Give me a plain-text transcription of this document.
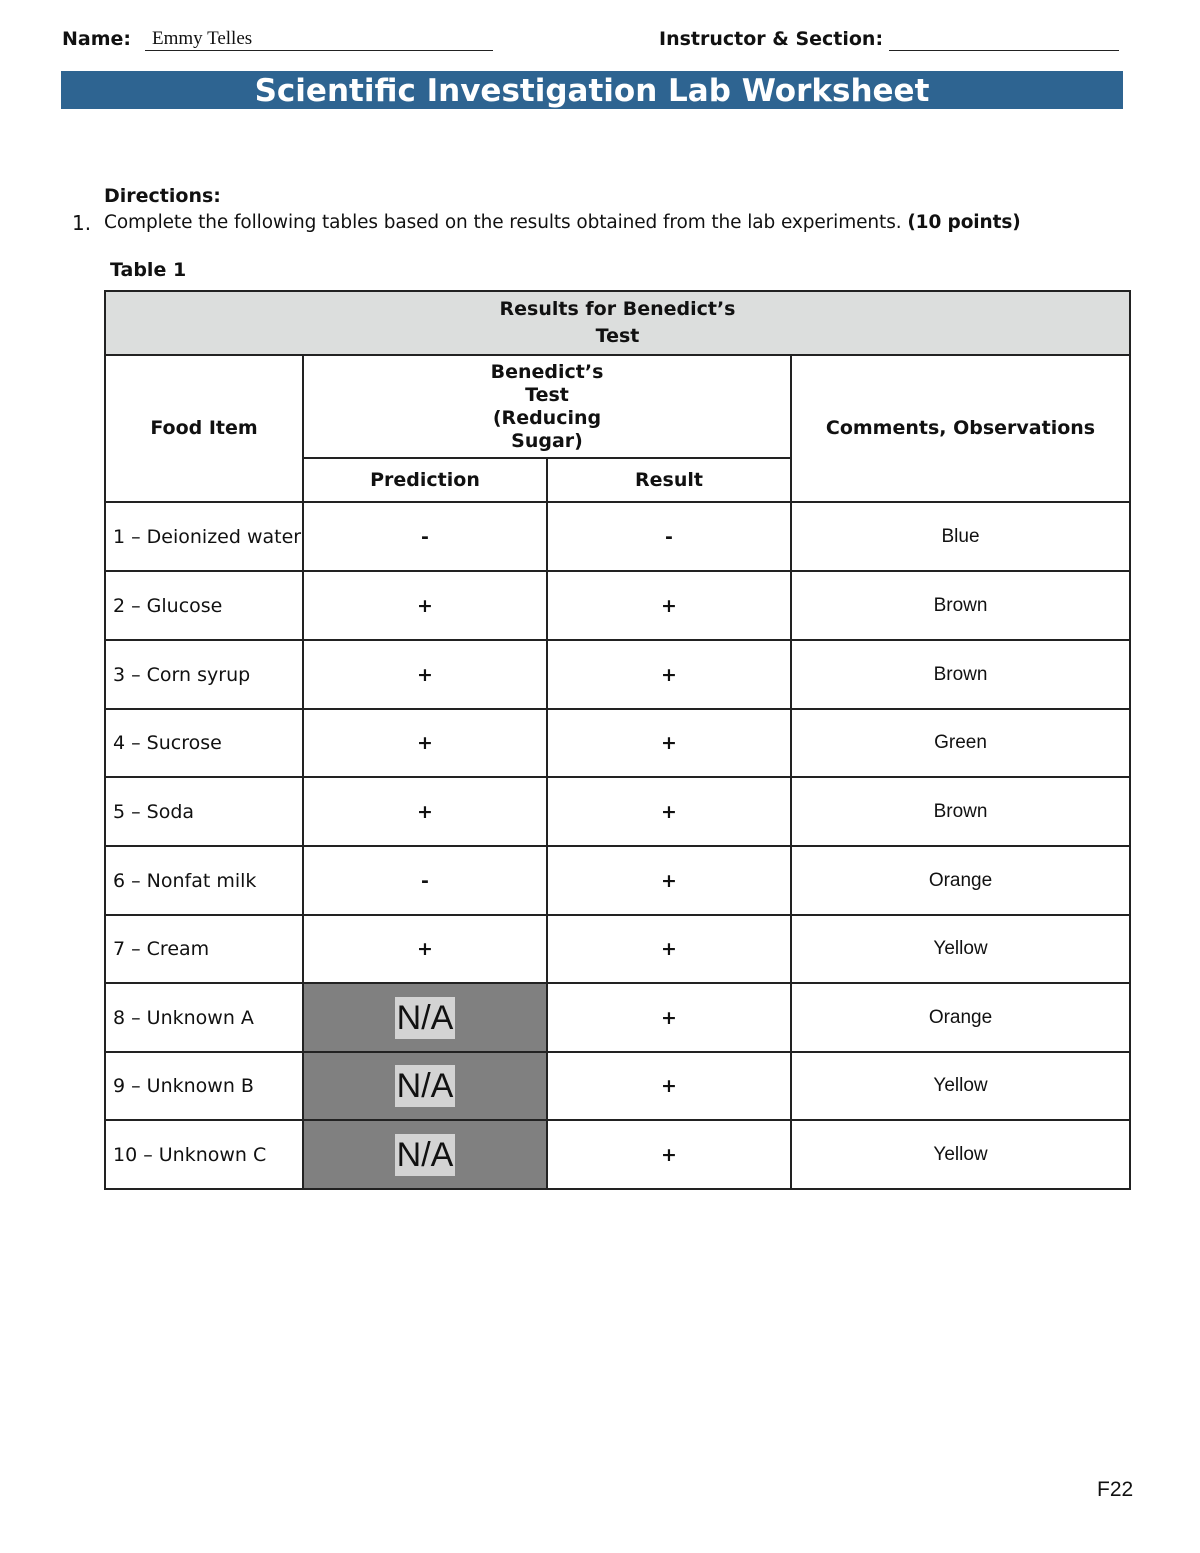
Name: Emmy Telles	Instructor & Section:
Scientific Investigation Lab Worksheet
Directions:
1. Complete the following tables based on the results obtained from the lab experiments. (10 points)
Table 1
Results for Benedict’s
Test			

Food Item	Benedict’s
Test
(Reducing
Sugar)		Comments, Observations
	Prediction	Result	
1 – Deionized water	-	-	Blue
2 – Glucose	+	+	Brown
3 – Corn syrup	+	+	Brown
4 – Sucrose	+	+	Green
5 – Soda	+	+	Brown
6 – Nonfat milk	-	+	Orange
7 – Cream	+	+	Yellow
8 – Unknown A	N/A	+	Orange
9 – Unknown B	N/A	+	Yellow
10 – Unknown C	N/A	+	Yellow
F22
